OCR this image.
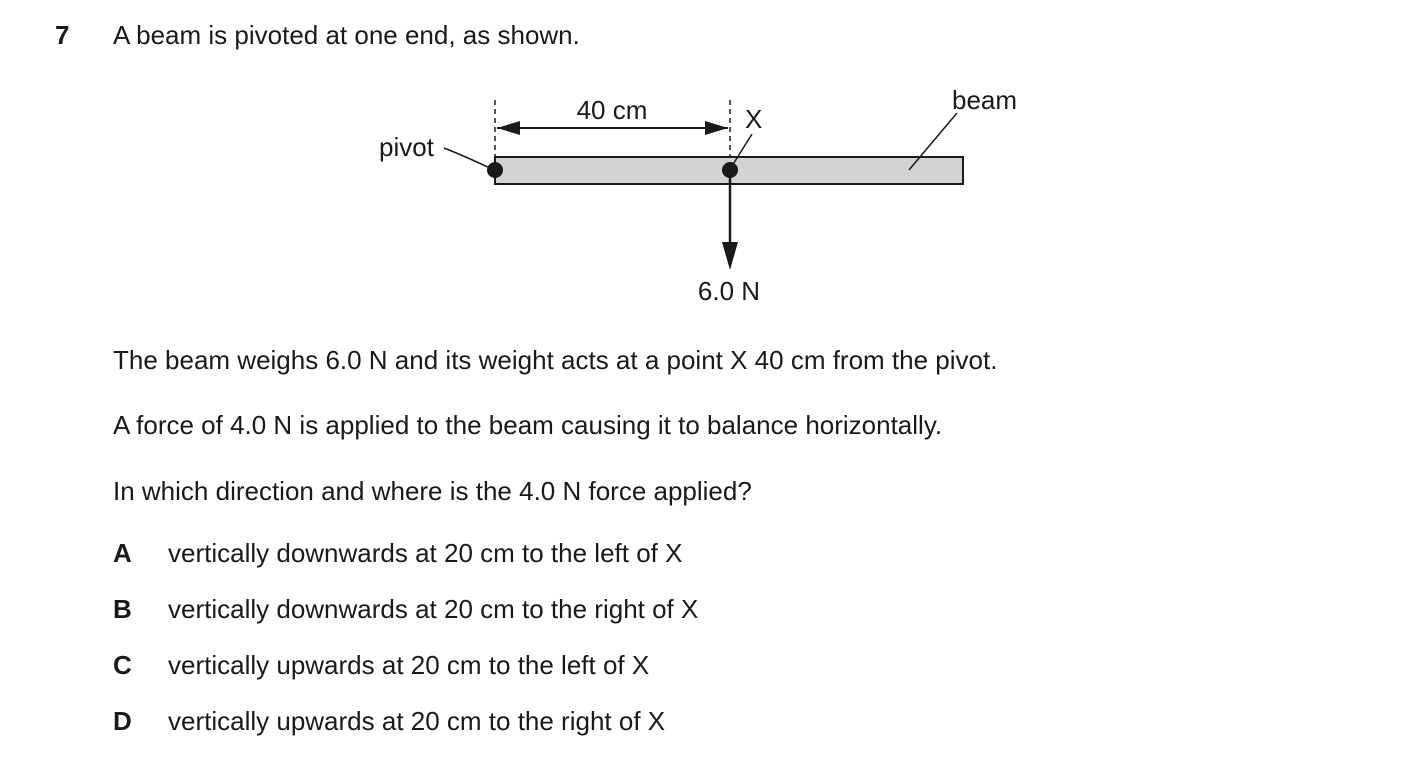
7 A beam is pivoted at one end, as shown.
40 cm
pivot
X
beam
6.0 N
The beam weighs 6.0 N and its weight acts at a point X 40 cm from the pivot.
A force of 4.0 N is applied to the beam causing it to balance horizontally.
In which direction and where is the 4.0 N force applied?
A vertically downwards at 20 cm to the left of X
B vertically downwards at 20 cm to the right of X
C vertically upwards at 20 cm to the left of X
D vertically upwards at 20 cm to the right of X
